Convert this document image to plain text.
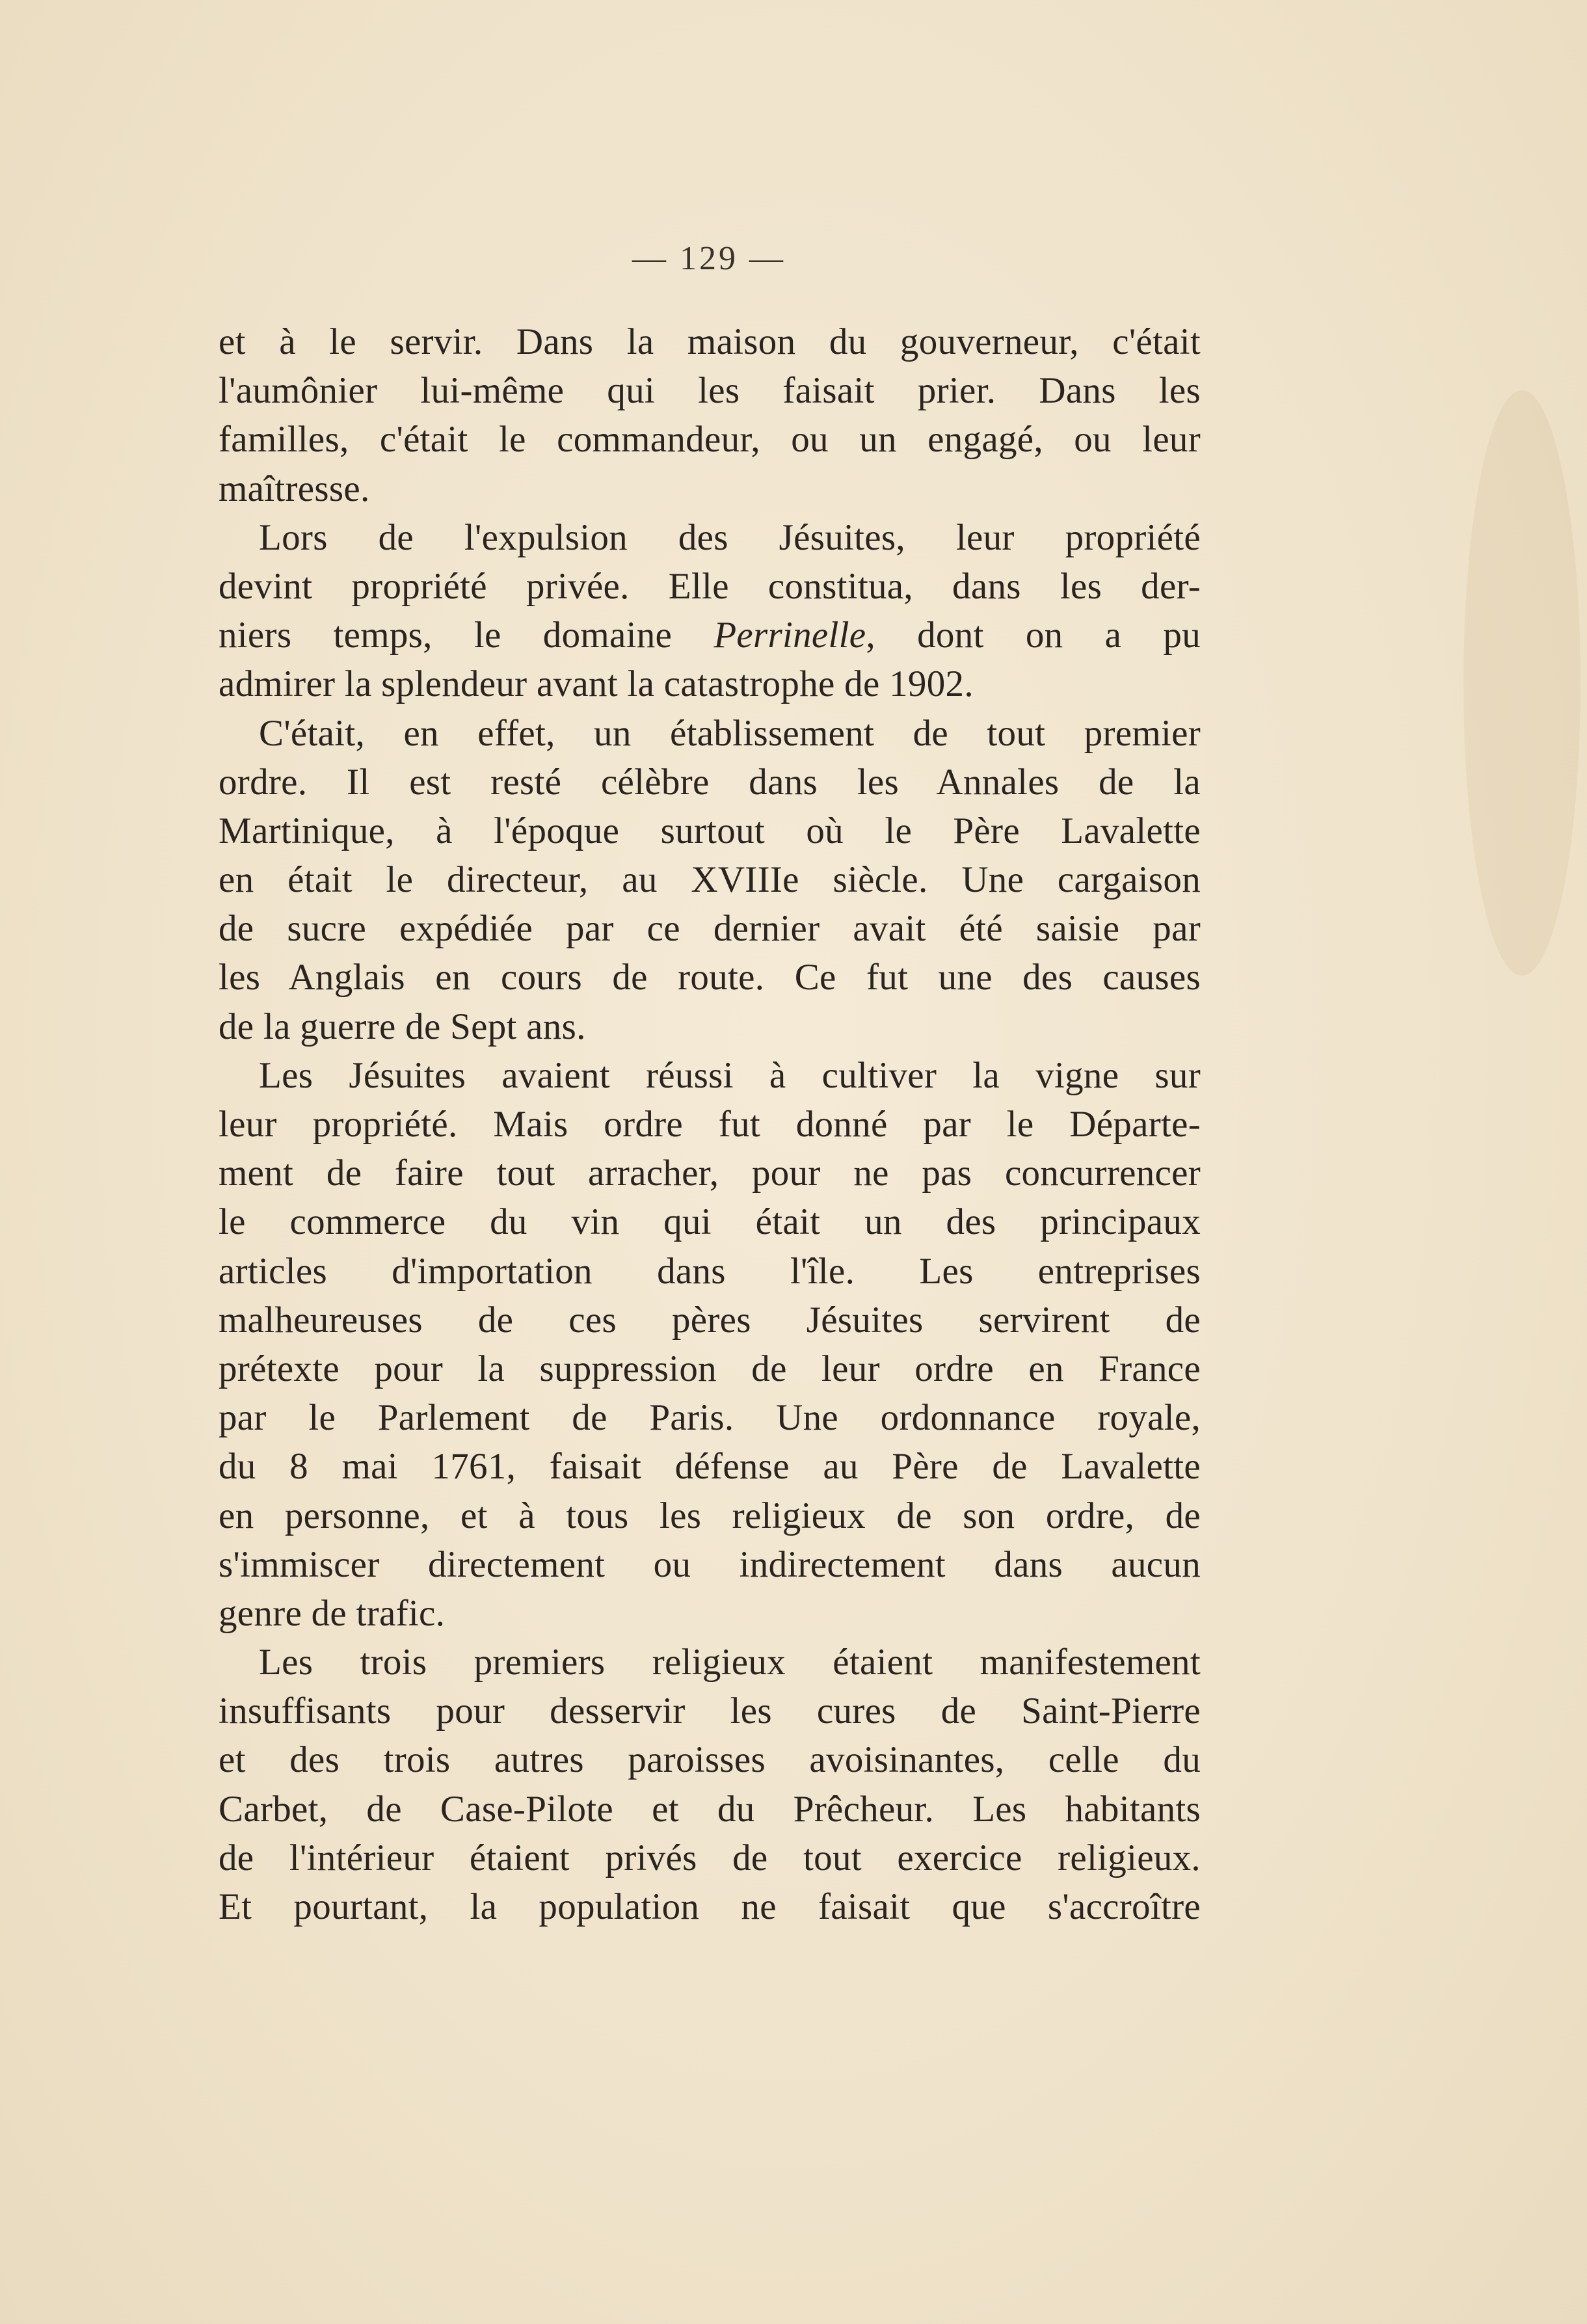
— 129 —
et à le servir. Dans la maison du gouverneur, c'était
l'aumônier lui-même qui les faisait prier. Dans les
familles, c'était le commandeur, ou un engagé, ou leur
maîtresse.
Lors de l'expulsion des Jésuites, leur propriété
devint propriété privée. Elle constitua, dans les der-
niers temps, le domaine Perrinelle, dont on a pu
admirer la splendeur avant la catastrophe de 1902.
C'était, en effet, un établissement de tout premier
ordre. Il est resté célèbre dans les Annales de la
Martinique, à l'époque surtout où le Père Lavalette
en était le directeur, au XVIIIe siècle. Une cargaison
de sucre expédiée par ce dernier avait été saisie par
les Anglais en cours de route. Ce fut une des causes
de la guerre de Sept ans.
Les Jésuites avaient réussi à cultiver la vigne sur
leur propriété. Mais ordre fut donné par le Départe-
ment de faire tout arracher, pour ne pas concurrencer
le commerce du vin qui était un des principaux
articles d'importation dans l'île. Les entreprises
malheureuses de ces pères Jésuites servirent de
prétexte pour la suppression de leur ordre en France
par le Parlement de Paris. Une ordonnance royale,
du 8 mai 1761, faisait défense au Père de Lavalette
en personne, et à tous les religieux de son ordre, de
s'immiscer directement ou indirectement dans aucun
genre de trafic.
Les trois premiers religieux étaient manifestement
insuffisants pour desservir les cures de Saint-Pierre
et des trois autres paroisses avoisinantes, celle du
Carbet, de Case-Pilote et du Prêcheur. Les habitants
de l'intérieur étaient privés de tout exercice religieux.
Et pourtant, la population ne faisait que s'accroître
